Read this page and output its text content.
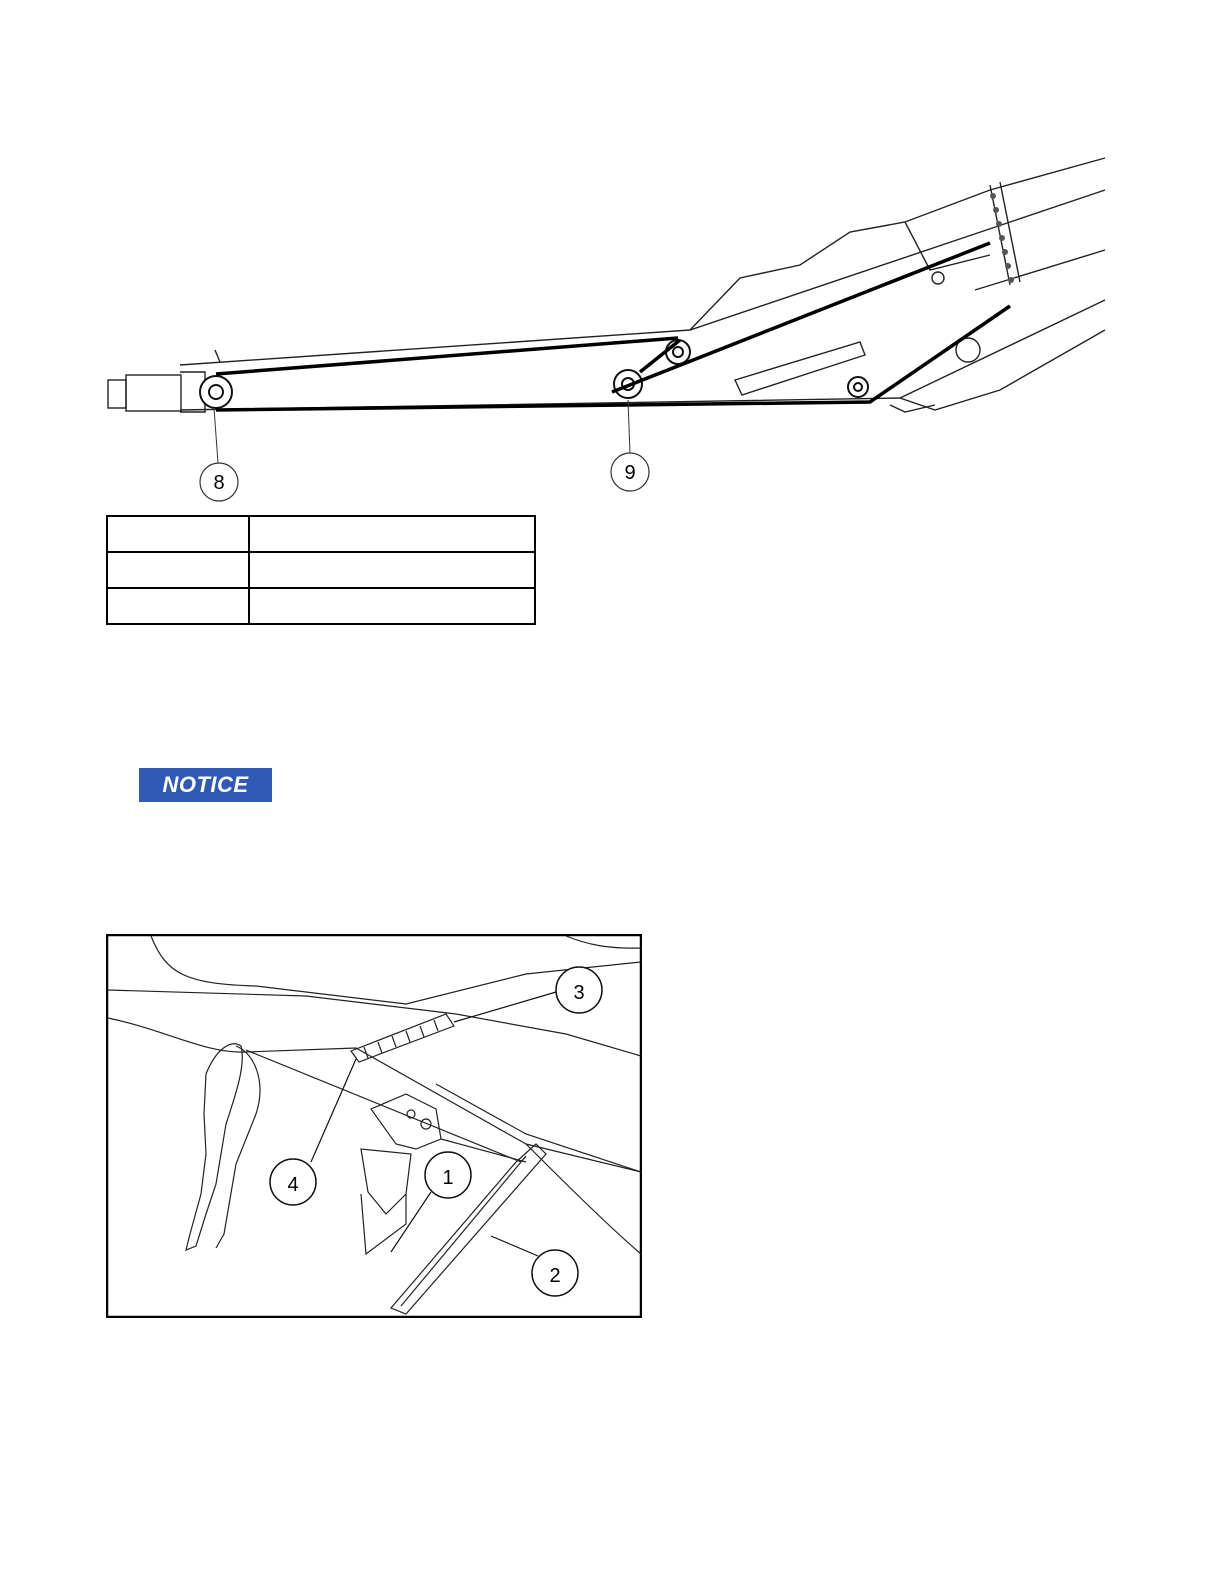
8	9

NOTICE
3
4	1
2
